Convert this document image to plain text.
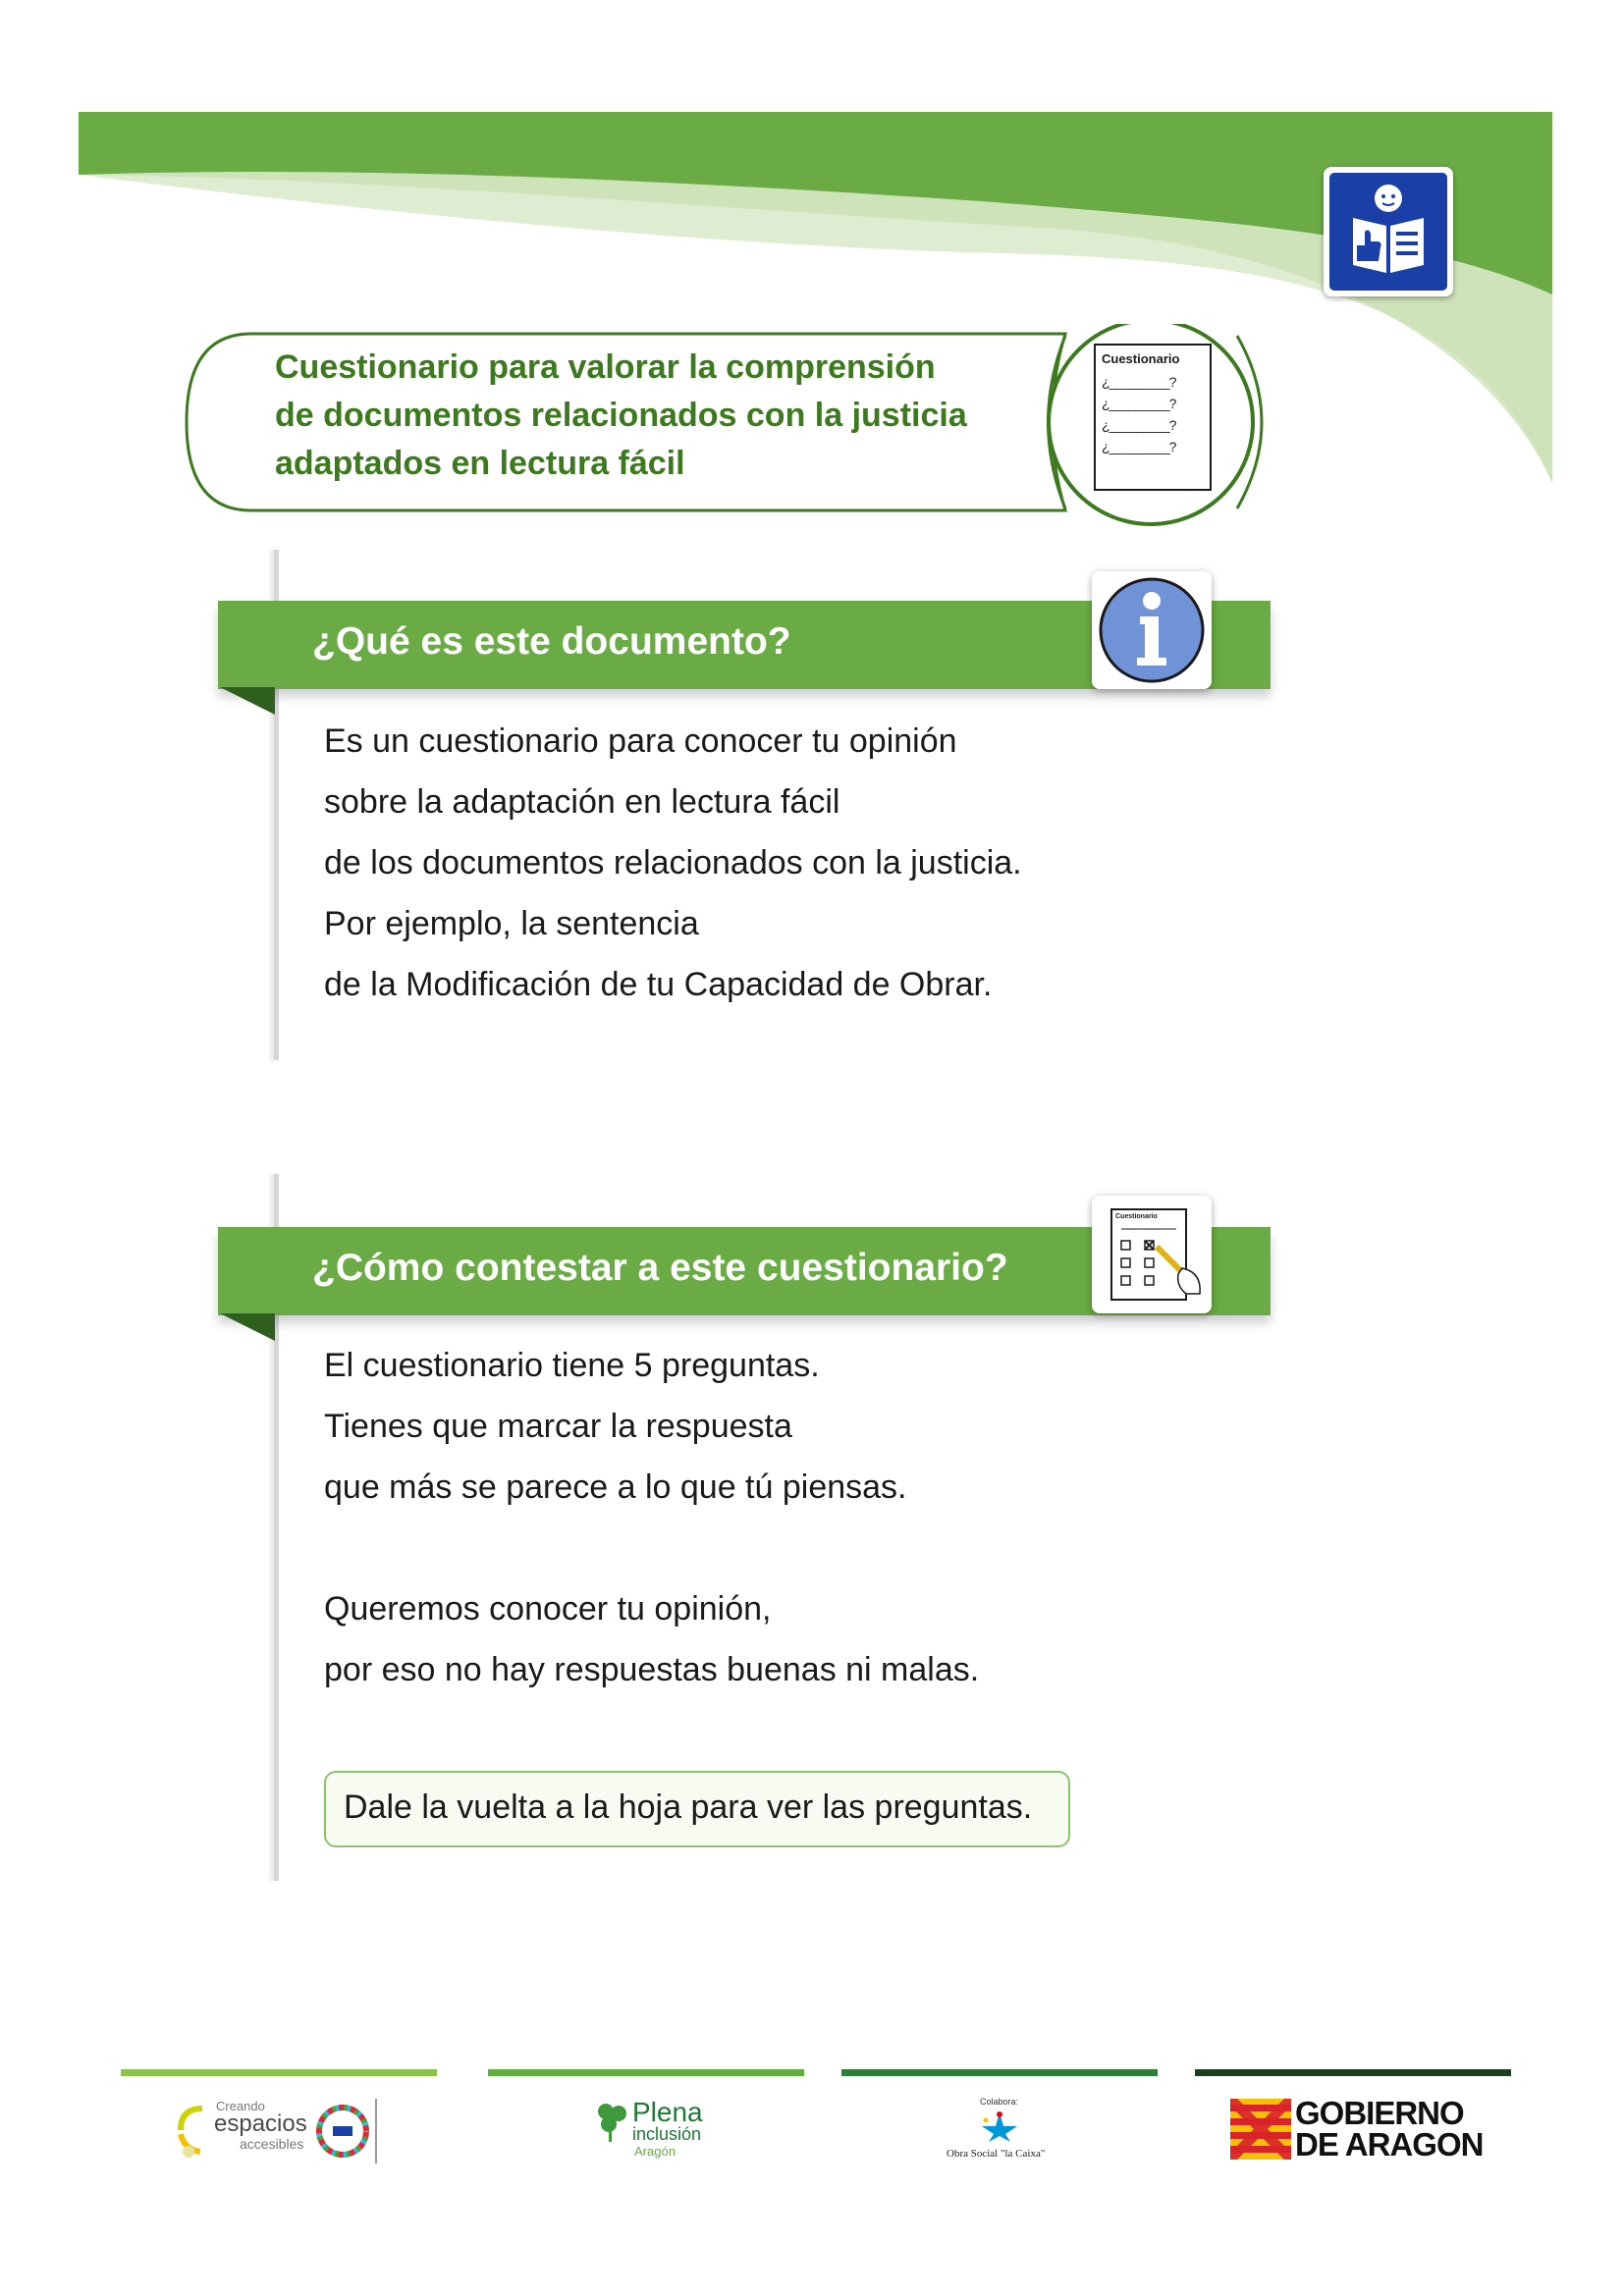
Cuestionario para valorar la comprensión
de documentos relacionados con la justicia
adaptados en lectura fácil
Cuestionario
¿_________?
¿_________?
¿_________?
¿_________?
¿Qué es este documento?
Es un cuestionario para conocer tu opinión
sobre la adaptación en lectura fácil
de los documentos relacionados con la justicia.
Por ejemplo, la sentencia
de la Modificación de tu Capacidad de Obrar.
¿Cómo contestar a este cuestionario?
Cuestionario
El cuestionario tiene 5 preguntas.
Tienes que marcar la respuesta
que más se parece a lo que tú piensas.
Queremos conocer tu opinión,
por eso no hay respuestas buenas ni malas.
Dale la vuelta a la hoja para ver las preguntas.
Creando
espacios
accesibles
Plena
inclusión
Aragón
Colabora:
Obra Social "la Caixa"
GOBIERNO
DE ARAGON
